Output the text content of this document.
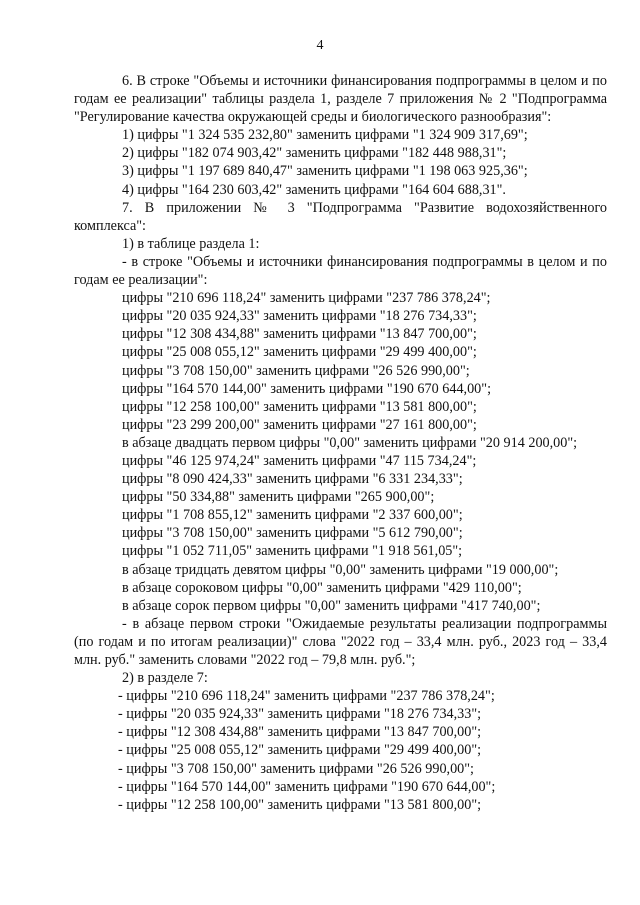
4
6. В строке "Объемы и источники финансирования подпрограммы в целом и по годам ее реализации" таблицы раздела 1, разделе 7 приложения № 2 "Подпрограмма "Регулирование качества окружающей среды и биологического разнообразия":
1) цифры "1 324 535 232,80" заменить цифрами "1 324 909 317,69";
2) цифры "182 074 903,42" заменить цифрами "182 448 988,31";
3) цифры "1 197 689 840,47" заменить цифрами "1 198 063 925,36";
4) цифры "164 230 603,42" заменить цифрами "164 604 688,31".
7. В приложении № 3 "Подпрограмма "Развитие водохозяйственного комплекса":
1) в таблице раздела 1:
- в строке "Объемы и источники финансирования подпрограммы в целом и по годам ее реализации":
цифры "210 696 118,24" заменить цифрами "237 786 378,24";
цифры "20 035 924,33" заменить цифрами "18 276 734,33";
цифры "12 308 434,88" заменить цифрами "13 847 700,00";
цифры "25 008 055,12" заменить цифрами "29 499 400,00";
цифры "3 708 150,00" заменить цифрами "26 526 990,00";
цифры "164 570 144,00" заменить цифрами "190 670 644,00";
цифры "12 258 100,00" заменить цифрами "13 581 800,00";
цифры "23 299 200,00" заменить цифрами "27 161 800,00";
в абзаце двадцать первом цифры "0,00" заменить цифрами "20 914 200,00";
цифры "46 125 974,24" заменить цифрами "47 115 734,24";
цифры "8 090 424,33" заменить цифрами "6 331 234,33";
цифры "50 334,88" заменить цифрами "265 900,00";
цифры "1 708 855,12" заменить цифрами "2 337 600,00";
цифры "3 708 150,00" заменить цифрами "5 612 790,00";
цифры "1 052 711,05" заменить цифрами "1 918 561,05";
в абзаце тридцать девятом цифры "0,00" заменить цифрами "19 000,00";
в абзаце сороковом цифры "0,00" заменить цифрами "429 110,00";
в абзаце сорок первом цифры "0,00" заменить цифрами "417 740,00";
- в абзаце первом строки "Ожидаемые результаты реализации подпрограммы (по годам и по итогам реализации)" слова "2022 год – 33,4 млн. руб., 2023 год – 33,4 млн. руб." заменить словами "2022 год – 79,8 млн. руб.";
2) в разделе 7:
- цифры "210 696 118,24" заменить цифрами "237 786 378,24";
- цифры "20 035 924,33" заменить цифрами "18 276 734,33";
- цифры "12 308 434,88" заменить цифрами "13 847 700,00";
- цифры "25 008 055,12" заменить цифрами "29 499 400,00";
- цифры "3 708 150,00" заменить цифрами "26 526 990,00";
- цифры "164 570 144,00" заменить цифрами "190 670 644,00";
- цифры "12 258 100,00" заменить цифрами "13 581 800,00";
